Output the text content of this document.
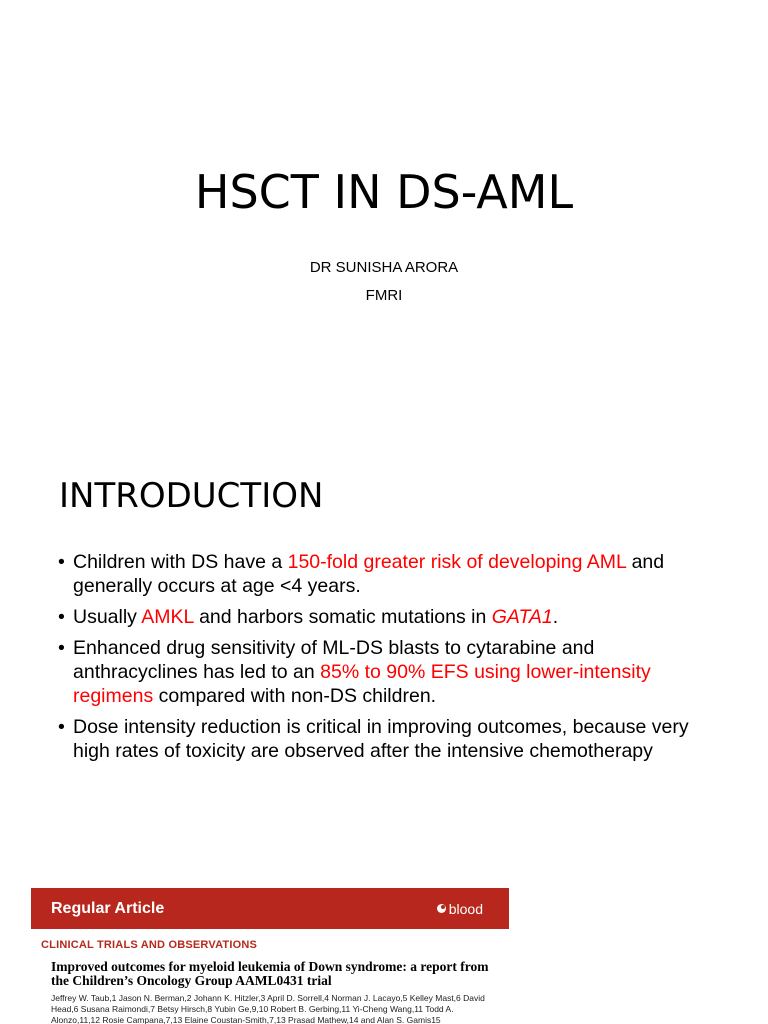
HSCT IN DS-AML
DR SUNISHA ARORA
FMRI
INTRODUCTION
• Children with DS have a 150-fold greater risk of developing AML and generally occurs at age <4 years.
• Usually AMKL and harbors somatic mutations in GATA1.
• Enhanced drug sensitivity of ML-DS blasts to cytarabine and anthracyclines has led to an 85% to 90% EFS using lower-intensity regimens compared with non-DS children.
• Dose intensity reduction is critical in improving outcomes, because very high rates of toxicity are observed after the intensive chemotherapy
Regular Article	blood
CLINICAL TRIALS AND OBSERVATIONS
Improved outcomes for myeloid leukemia of Down syndrome: a report from the Children’s Oncology Group AAML0431 trial
Jeffrey W. Taub,1 Jason N. Berman,2 Johann K. Hitzler,3 April D. Sorrell,4 Norman J. Lacayo,5 Kelley Mast,6 David Head,6 Susana Raimondi,7 Betsy Hirsch,8 Yubin Ge,9,10 Robert B. Gerbing,11 Yi-Cheng Wang,11 Todd A. Alonzo,11,12 Rosie Campana,7,13 Elaine Coustan-Smith,7,13 Prasad Mathew,14 and Alan S. Gamis15
